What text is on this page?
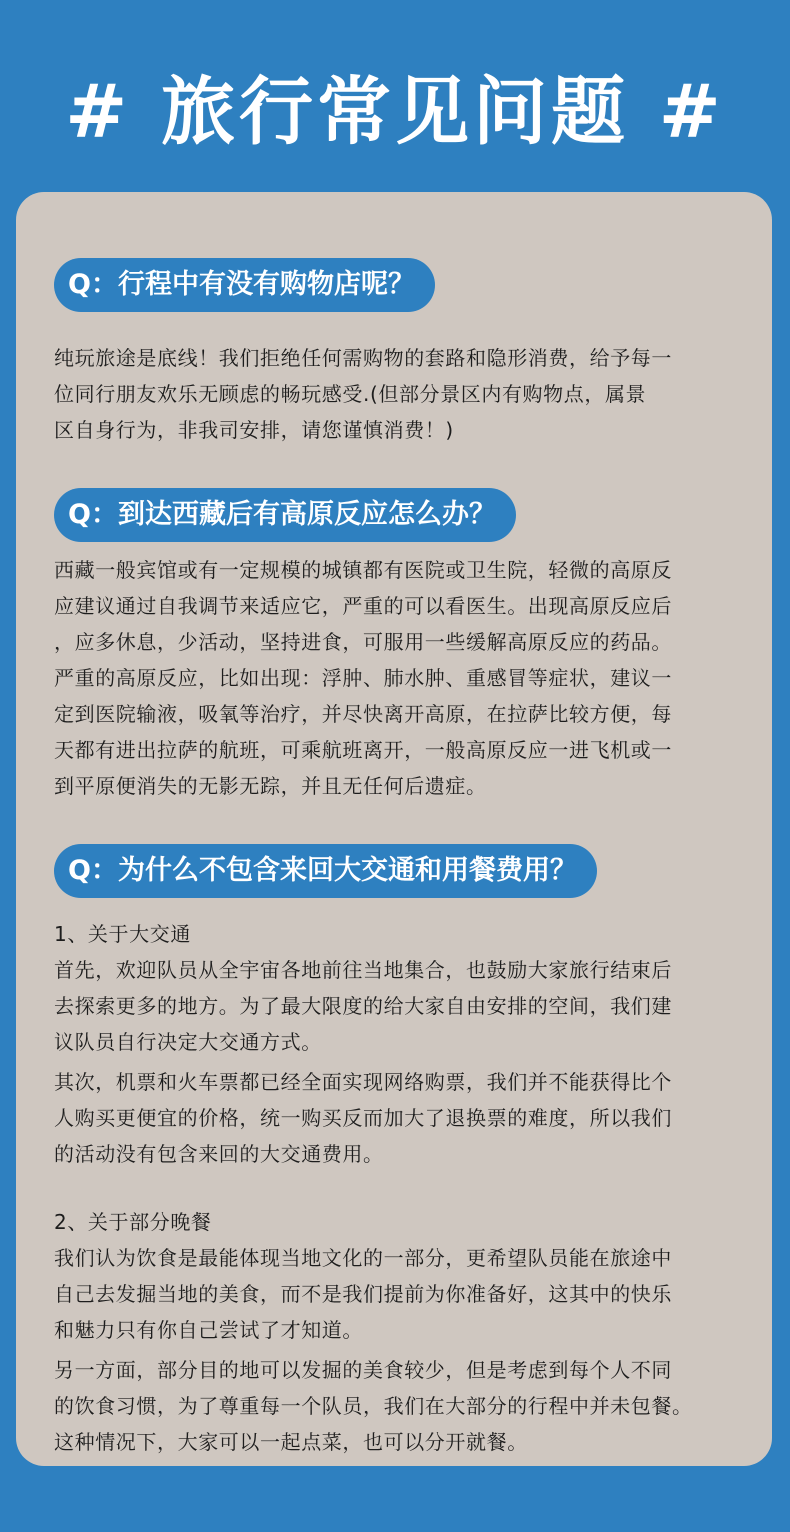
# 旅行常见问题 #
Q：行程中有没有购物店呢？

纯玩旅途是底线！我们拒绝任何需购物的套路和隐形消费，给予每一

位同行朋友欢乐无顾虑的畅玩感受.(但部分景区内有购物点，属景

区自身行为，非我司安排，请您谨慎消费！)

Q：到达西藏后有高原反应怎么办？

西藏一般宾馆或有一定规模的城镇都有医院或卫生院，轻微的高原反

应建议通过自我调节来适应它，严重的可以看医生。出现高原反应后

，应多休息，少活动，坚持进食，可服用一些缓解高原反应的药品。

严重的高原反应，比如出现：浮肿、肺水肿、重感冒等症状，建议一

定到医院输液，吸氧等治疗，并尽快离开高原，在拉萨比较方便，每

天都有进出拉萨的航班，可乘航班离开，一般高原反应一进飞机或一

到平原便消失的无影无踪，并且无任何后遗症。

Q：为什么不包含来回大交通和用餐费用？

1、关于大交通

首先，欢迎队员从全宇宙各地前往当地集合，也鼓励大家旅行结束后

去探索更多的地方。为了最大限度的给大家自由安排的空间，我们建

议队员自行决定大交通方式。

其次，机票和火车票都已经全面实现网络购票，我们并不能获得比个

人购买更便宜的价格，统一购买反而加大了退换票的难度，所以我们

的活动没有包含来回的大交通费用。

2、关于部分晚餐

我们认为饮食是最能体现当地文化的一部分，更希望队员能在旅途中

自己去发掘当地的美食，而不是我们提前为你准备好，这其中的快乐

和魅力只有你自己尝试了才知道。

另一方面，部分目的地可以发掘的美食较少，但是考虑到每个人不同

的饮食习惯，为了尊重每一个队员，我们在大部分的行程中并未包餐。

这种情况下，大家可以一起点菜，也可以分开就餐。
